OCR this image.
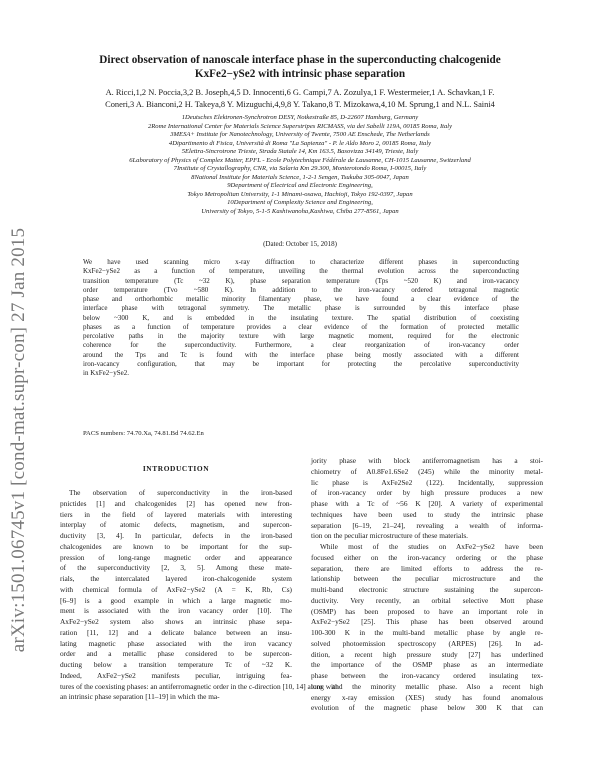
arXiv:1501.06745v1 [cond-mat.supr-con] 27 Jan 2015
Direct observation of nanoscale interface phase in the superconducting chalcogenide
KxFe2−ySe2 with intrinsic phase separation
A. Ricci,1,2 N. Poccia,3,2 B. Joseph,4,5 D. Innocenti,6 G. Campi,7 A. Zozulya,1 F. Westermeier,1 A. Schavkan,1 F.
Coneri,3 A. Bianconi,2 H. Takeya,8 Y. Mizuguchi,4,9,8 Y. Takano,8 T. Mizokawa,4,10 M. Sprung,1 and N.L. Saini4
1Deutsches Elektronen-Synchrotron DESY, Notkestraße 85, D-22607 Hamburg, Germany
2Rome International Center for Materials Science Superstripes RICMASS, via dei Sabelli 119A, 00185 Roma, Italy
3MESA+ Institute for Nanotechnology, University of Twente, 7500 AE Enschede, The Netherlands
4Dipartimento di Fisica, Università di Roma "La Sapienza" - P. le Aldo Moro 2, 00185 Roma, Italy
5Elettra-Sincrotrone Trieste, Strada Statale 14, Km 163.5, Basovizza 34149, Trieste, Italy
6Laboratory of Physics of Complex Matter, EPFL - Ecole Polytechnique Fédérale de Lausanne, CH-1015 Lausanne, Switzerland
7Institute of Crystallography, CNR, via Salaria Km 29.300, Monterotondo Roma, I-00015, Italy
8National Institute for Materials Science, 1-2-1 Sengen, Tsukuba 305-0047, Japan
9Department of Electrical and Electronic Engineering,
Tokyo Metropolitan University, 1-1 Minami-osawa, Hachioji, Tokyo 192-0397, Japan
10Department of Complexity Science and Engineering,
University of Tokyo, 5-1-5 Kashiwanoha,Kashiwa, Chiba 277-8561, Japan
(Dated: October 15, 2018)
We have used scanning micro x-ray diffraction to characterize different phases in superconducting
KxFe2−ySe2 as a function of temperature, unveiling the thermal evolution across the superconducting
transition temperature (Tc ~32 K), phase separation temperature (Tps ~520 K) and iron-vacancy
order temperature (Tvo ~580 K). In addition to the iron-vacancy ordered tetragonal magnetic
phase and orthorhombic metallic minority filamentary phase, we have found a clear evidence of the
interface phase with tetragonal symmetry. The metallic phase is surrounded by this interface phase
below ~300 K, and is embedded in the insulating texture. The spatial distribution of coexisting
phases as a function of temperature provides a clear evidence of the formation of protected metallic
percolative paths in the majority texture with large magnetic moment, required for the electronic
coherence for the superconductivity. Furthermore, a clear reorganization of iron-vacancy order
around the Tps and Tc is found with the interface phase being mostly associated with a different
iron-vacancy configuration, that may be important for protecting the percolative superconductivity
in KxFe2−ySe2.
PACS numbers: 74.70.Xa, 74.81.Bd 74.62.En
INTRODUCTION
The observation of superconductivity in the iron-based
pnictides [1] and chalcogenides [2] has opened new fron-
tiers in the field of layered materials with interesting
interplay of atomic defects, magnetism, and supercon-
ductivity [3, 4]. In particular, defects in the iron-based
chalcogenides are known to be important for the sup-
pression of long-range magnetic order and appearance
of the superconductivity [2, 3, 5]. Among these mate-
rials, the intercalated layered iron-chalcogenide system
with chemical formula of AxFe2−ySe2 (A = K, Rb, Cs)
[6–9] is a good example in which a large magnetic mo-
ment is associated with the iron vacancy order [10]. The
AxFe2−ySe2 system also shows an intrinsic phase sepa-
ration [11, 12] and a delicate balance between an insu-
lating magnetic phase associated with the iron vacancy
order and a metallic phase considered to be supercon-
ducting below a transition temperature Tc of ~32 K.
Indeed, AxFe2−ySe2 manifests peculiar, intriguing fea-
tures of the coexisting phases: an antiferromagnetic order in the c-direction [10, 14] along with
an intrinsic phase separation [11–19] in which the ma-
jority phase with block antiferromagnetism has a stoi-
chiometry of A0.8Fe1.6Se2 (245) while the minority metal-
lic phase is AxFe2Se2 (122). Incidentally, suppression
of iron-vacancy order by high pressure produces a new
phase with a Tc of ~56 K [20]. A variety of experimental
techniques have been used to study the intrinsic phase
separation [6–19, 21–24], revealing a wealth of informa-
tion on the peculiar microstructure of these materials.
While most of the studies on AxFe2−ySe2 have been
focused either on the iron-vacancy ordering or the phase
separation, there are limited efforts to address the re-
lationship between the peculiar microstructure and the
multi-band electronic structure sustaining the supercon-
ductivity. Very recently, an orbital selective Mott phase
(OSMP) has been proposed to have an important role in
AxFe2−ySe2 [25]. This phase has been observed around
100-300 K in the multi-band metallic phase by angle re-
solved photoemission spectroscopy (ARPES) [26]. In ad-
dition, a recent high pressure study [27] has underlined
the importance of the OSMP phase as an intermediate
phase between the iron-vacancy ordered insulating tex-
ture and the minority metallic phase. Also a recent high
energy x-ray emission (XES) study has found anomalous
evolution of the magnetic phase below 300 K that can
